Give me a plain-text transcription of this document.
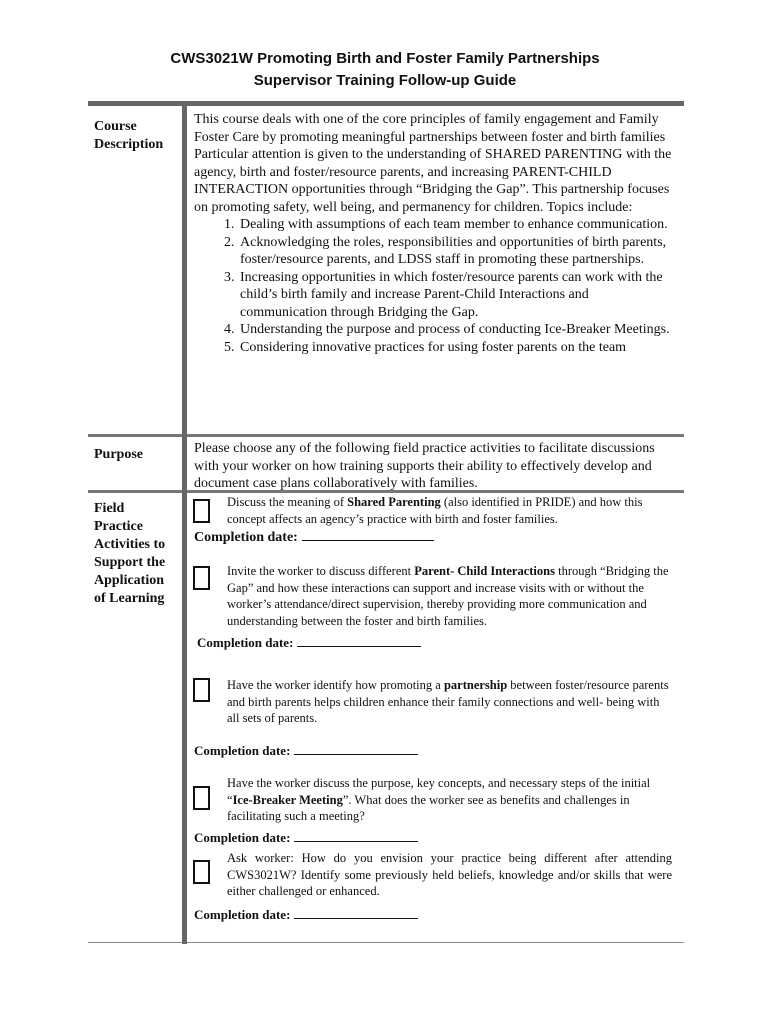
CWS3021W Promoting Birth and Foster Family Partnerships
Supervisor Training Follow-up Guide
Course
Description
This course deals with one of the core principles of family engagement and Family Foster Care by promoting meaningful partnerships between foster and birth families Particular attention is given to the understanding of SHARED PARENTING with the agency, birth and foster/resource parents, and increasing PARENT-CHILD INTERACTION opportunities through “Bridging the Gap”. This partnership focuses on promoting safety, well being, and permanency for children. Topics include:
1. Dealing with assumptions of each team member to enhance communication.
2. Acknowledging the roles, responsibilities and opportunities of birth parents, foster/resource parents, and LDSS staff in promoting these partnerships.
3. Increasing opportunities in which foster/resource parents can work with the child’s birth family and increase Parent-Child Interactions and communication through Bridging the Gap.
4. Understanding the purpose and process of conducting Ice-Breaker Meetings.
5. Considering innovative practices for using foster parents on the team
Purpose	Please choose any of the following field practice activities to facilitate discussions with your worker on how training supports their ability to effectively develop and document case plans collaboratively with families.
Field
Practice
Activities to
Support the
Application
of Learning
Discuss the meaning of Shared Parenting (also identified in PRIDE) and how this concept affects an agency’s practice with birth and foster families.
Completion date:
Invite the worker to discuss different Parent- Child Interactions through “Bridging the Gap” and how these interactions can support and increase visits with or without the worker’s attendance/direct supervision, thereby providing more communication and understanding between the foster and birth families.
Completion date:
Have the worker identify how promoting a partnership between foster/resource parents and birth parents helps children enhance their family connections and well- being with all sets of parents.
Completion date:
Have the worker discuss the purpose, key concepts, and necessary steps of the initial “Ice-Breaker Meeting”. What does the worker see as benefits and challenges in facilitating such a meeting?
Completion date:
Ask worker: How do you envision your practice being different after attending CWS3021W? Identify some previously held beliefs, knowledge and/or skills that were either challenged or enhanced.
Completion date:
